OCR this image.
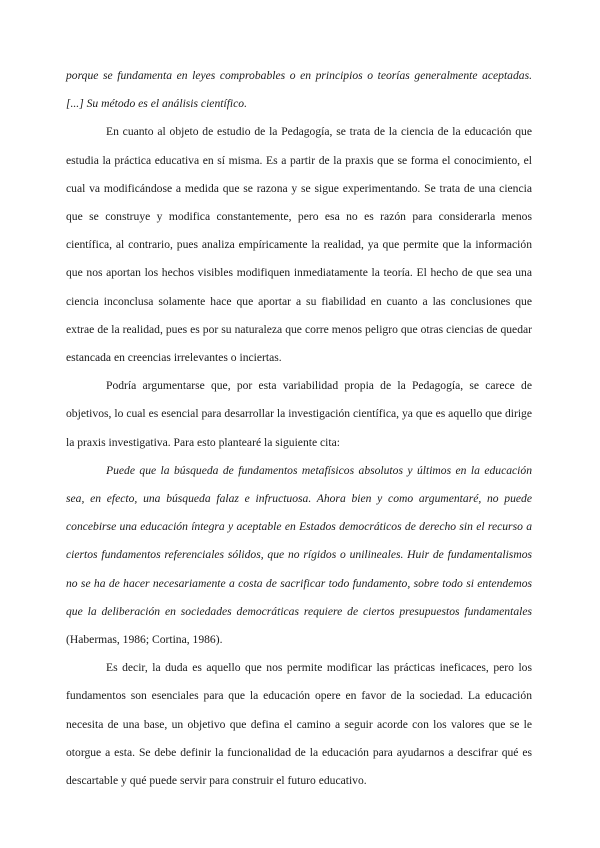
porque se fundamenta en leyes comprobables o en principios o teorías generalmente aceptadas. [...] Su método es el análisis científico.

En cuanto al objeto de estudio de la Pedagogía, se trata de la ciencia de la educación que estudia la práctica educativa en sí misma. Es a partir de la praxis que se forma el conocimiento, el cual va modificándose a medida que se razona y se sigue experimentando. Se trata de una ciencia que se construye y modifica constantemente, pero esa no es razón para considerarla menos científica, al contrario, pues analiza empíricamente la realidad, ya que permite que la información que nos aportan los hechos visibles modifiquen inmediatamente la teoría. El hecho de que sea una ciencia inconclusa solamente hace que aportar a su fiabilidad en cuanto a las conclusiones que extrae de la realidad, pues es por su naturaleza que corre menos peligro que otras ciencias de quedar estancada en creencias irrelevantes o inciertas.

Podría argumentarse que, por esta variabilidad propia de la Pedagogía, se carece de objetivos, lo cual es esencial para desarrollar la investigación científica, ya que es aquello que dirige la praxis investigativa. Para esto plantearé la siguiente cita:

Puede que la búsqueda de fundamentos metafísicos absolutos y últimos en la educación sea, en efecto, una búsqueda falaz e infructuosa. Ahora bien y como argumentaré, no puede concebirse una educación íntegra y aceptable en Estados democráticos de derecho sin el recurso a ciertos fundamentos referenciales sólidos, que no rígidos o unilineales. Huir de fundamentalismos no se ha de hacer necesariamente a costa de sacrificar todo fundamento, sobre todo si entendemos que la deliberación en sociedades democráticas requiere de ciertos presupuestos fundamentales (Habermas, 1986; Cortina, 1986).

Es decir, la duda es aquello que nos permite modificar las prácticas ineficaces, pero los fundamentos son esenciales para que la educación opere en favor de la sociedad. La educación necesita de una base, un objetivo que defina el camino a seguir acorde con los valores que se le otorgue a esta. Se debe definir la funcionalidad de la educación para ayudarnos a descifrar qué es descartable y qué puede servir para construir el futuro educativo.
